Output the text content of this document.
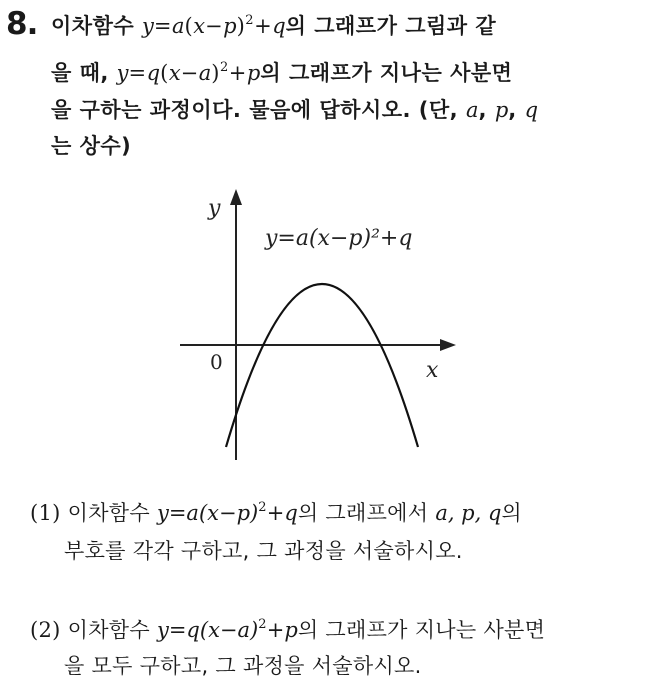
8. 이차함수 $y=a(x-p)^2+q$의 그래프가 그림과 같
을 때, $y=q(x-a)^2+p$의 그래프가 지나는 사분면
을 구하는 과정이다. 물음에 답하시오. (단, a, p, q
는 상수)
y
x
0
y=a(x−p)²+q
(1) 이차함수 $y=a(x-p)^2+q$의 그래프에서 a, p, q의
부호를 각각 구하고, 그 과정을 서술하시오.
(2) 이차함수 $y=q(x-a)^2+p$의 그래프가 지나는 사분면
을 모두 구하고, 그 과정을 서술하시오.
